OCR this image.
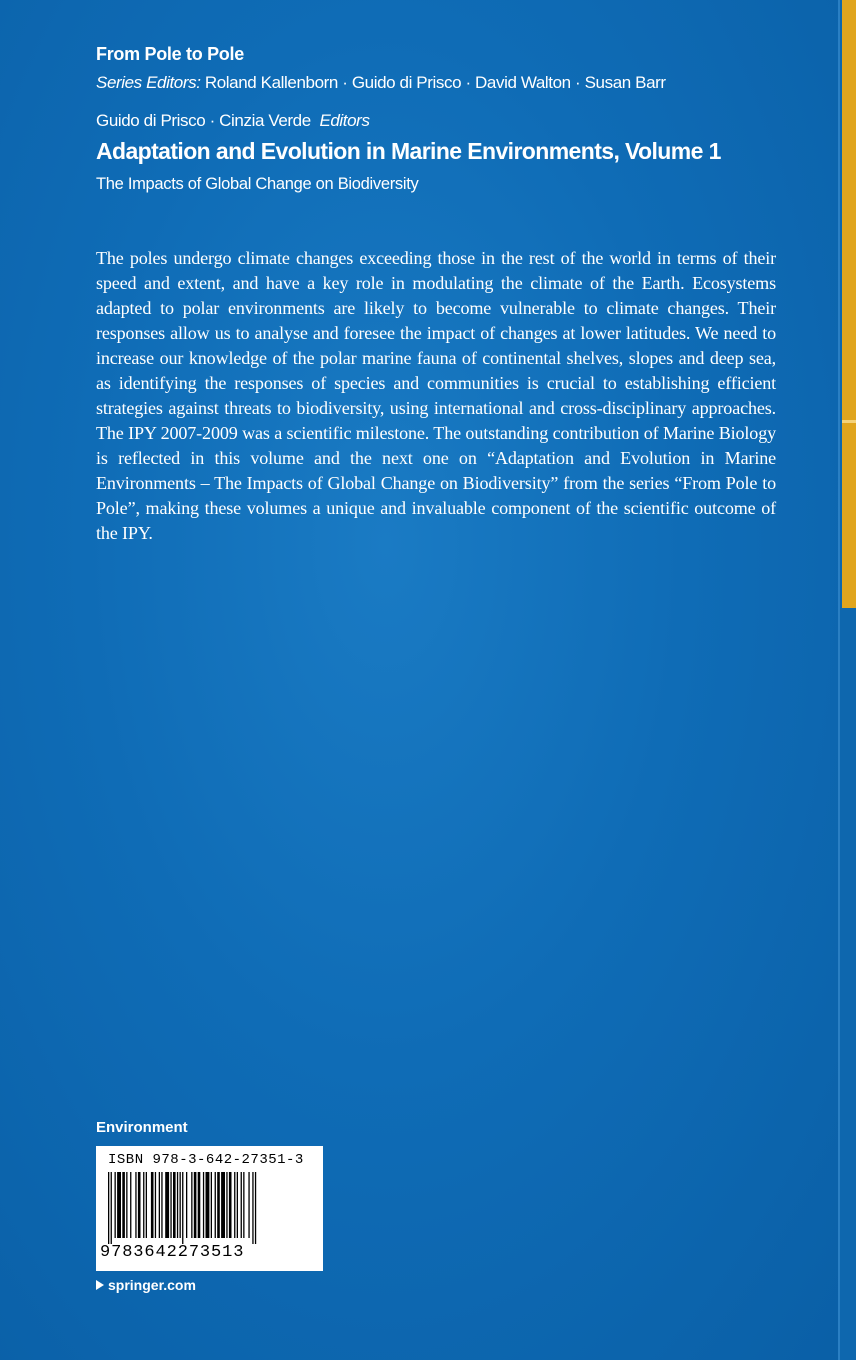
From Pole to Pole
Series Editors: Roland Kallenborn · Guido di Prisco · David Walton · Susan Barr
Guido di Prisco · Cinzia Verde Editors
Adaptation and Evolution in Marine Environments, Volume 1
The Impacts of Global Change on Biodiversity
The poles undergo climate changes exceeding those in the rest of the world in terms of their speed and extent, and have a key role in modulating the climate of the Earth. Ecosystems adapted to polar environments are likely to become vulnerable to climate changes. Their responses allow us to analyse and foresee the impact of changes at lower latitudes. We need to increase our knowledge of the polar marine fauna of continental shelves, slopes and deep sea, as identifying the responses of species and communities is crucial to establishing efficient strategies against threats to biodiversity, using international and cross-disciplinary approaches. The IPY 2007-2009 was a scientific milestone. The outstanding contribution of Marine Biology is reflected in this volume and the next one on “Adaptation and Evolution in Marine Environments – The Impacts of Global Change on Biodiversity” from the series “From Pole to Pole”, making these volumes a unique and invaluable component of the scientific outcome of the IPY.
Environment
ISBN 978-3-642-27351-3
9783642273513
springer.com
